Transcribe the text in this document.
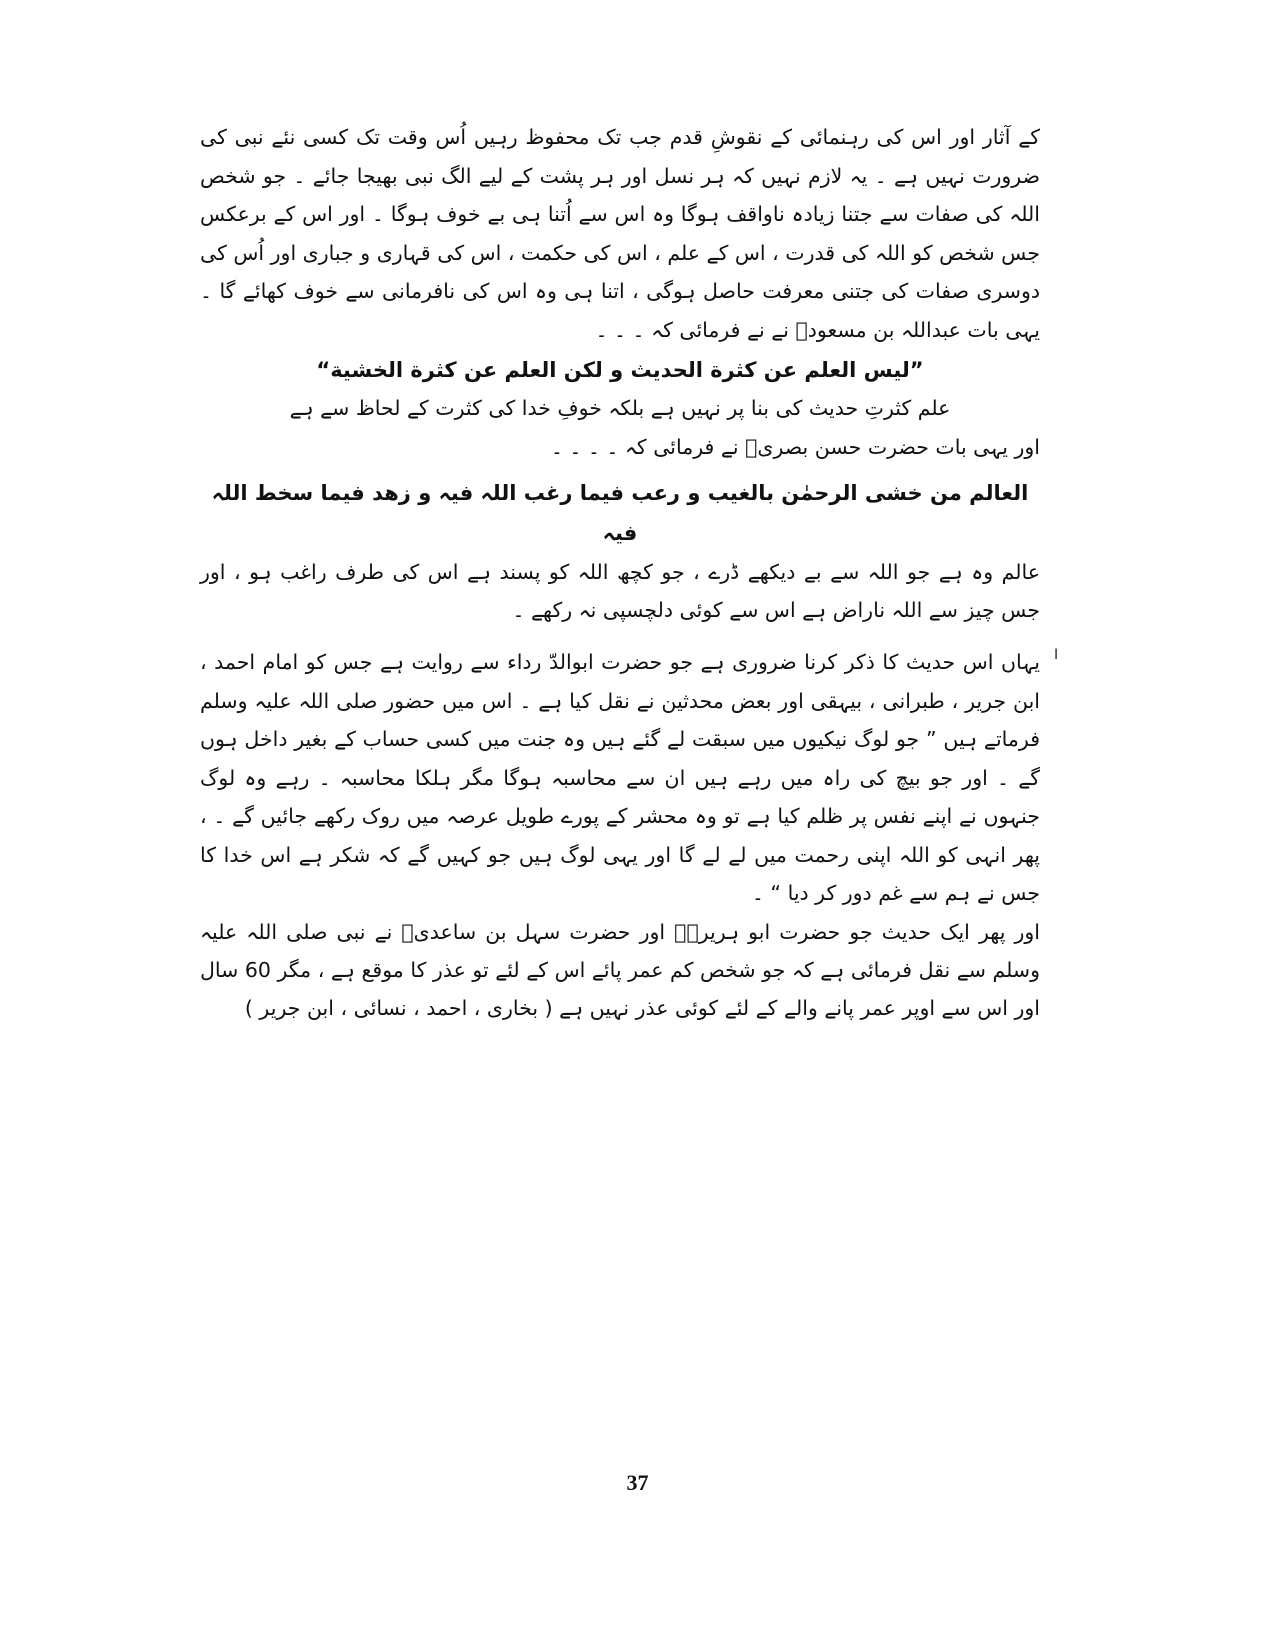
کے آثار اور اس کی رہنمائی کے نقوشِ قدم جب تک محفوظ رہیں اُس وقت تک کسی نئے نبی کی ضرورت نہیں ہے ۔ یہ لازم نہیں کہ ہر نسل اور ہر پشت کے لیے الگ نبی بھیجا جائے ۔ جو شخص اللہ کی صفات سے جتنا زیادہ ناواقف ہوگا وہ اس سے اُتنا ہی بے خوف ہوگا ۔ اور اس کے برعکس جس شخص کو اللہ کی قدرت ، اس کے علم ، اس کی حکمت ، اس کی قہاری و جباری اور اُس کی دوسری صفات کی جتنی معرفت حاصل ہوگی ، اتنا ہی وہ اس کی نافرمانی سے خوف کھائے گا ۔ یہی بات عبداللہ بن مسعودؓ نے نے فرمائی کہ ۔ ۔ ۔

”لیس العلم عن کثرة الحدیث و لکن العلم عن کثرة الخشیة“

علم کثرتِ حدیث کی بنا پر نہیں ہے بلکہ خوفِ خدا کی کثرت کے لحاظ سے ہے

اور یہی بات حضرت حسن بصریؒ نے فرمائی کہ ۔ ۔ ۔ ۔

العالم من خشی الرحمٰن بالغیب و رعب فیما رغب اللہ فیہ و زھد فیما سخط اللہ فیہ

عالم وہ ہے جو اللہ سے بے دیکھے ڈرے ، جو کچھ اللہ کو پسند ہے اس کی طرف راغب ہو ، اور جس چیز سے اللہ ناراض ہے اس سے کوئی دلچسپی نہ رکھے ۔

ا
یہاں اس حدیث کا ذکر کرنا ضروری ہے جو حضرت ابوالدّ رداء سے روایت ہے جس کو امام احمد ، ابن جریر ، طبرانی ، بیہقی اور بعض محدثین نے نقل کیا ہے ۔ اس میں حضور صلی اللہ علیہ وسلم فرماتے ہیں ” جو لوگ نیکیوں میں سبقت لے گئے ہیں وہ جنت میں کسی حساب کے بغیر داخل ہوں گے ۔ اور جو بیچ کی راہ میں رہے ہیں ان سے محاسبہ ہوگا مگر ہلکا محاسبہ ۔ رہے وہ لوگ جنہوں نے اپنے نفس پر ظلم کیا ہے تو وہ محشر کے پورے طویل عرصہ میں روک رکھے جائیں گے ۔ ، پھر انہی کو اللہ اپنی رحمت میں لے لے گا اور یہی لوگ ہیں جو کہیں گے کہ شکر ہے اس خدا کا جس نے ہم سے غم دور کر دیا “ ۔

اور پھر ایک حدیث جو حضرت ابو ہریرہؓ اور حضرت سہل بن ساعدیؓ نے نبی صلی اللہ علیہ وسلم سے نقل فرمائی ہے کہ جو شخص کم عمر پائے اس کے لئے تو عذر کا موقع ہے ، مگر 60 سال اور اس سے اوپر عمر پانے والے کے لئے کوئی عذر نہیں ہے ( بخاری ، احمد ، نسائی ، ابن جریر )

37
